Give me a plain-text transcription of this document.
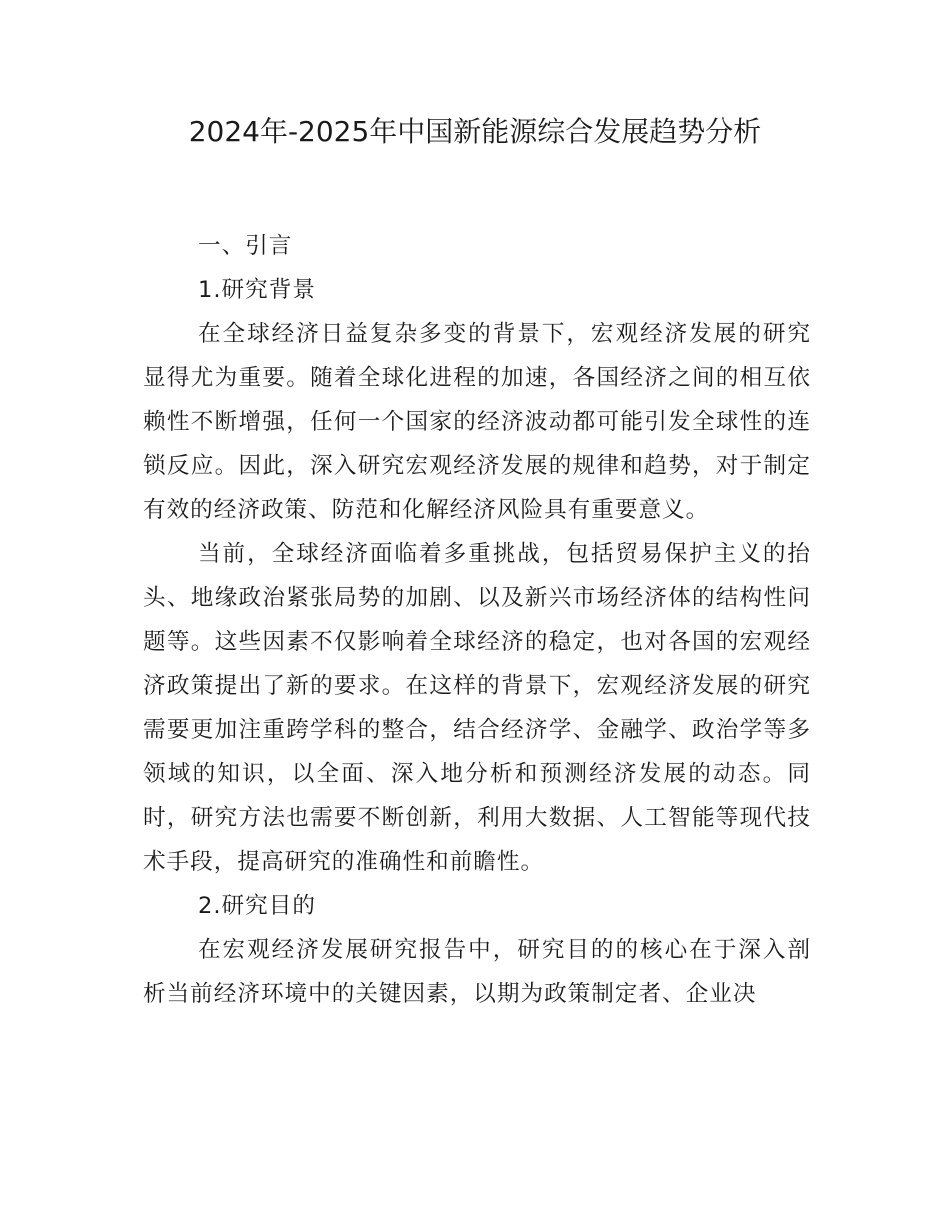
2024年-2025年中国新能源综合发展趋势分析

一、引言

1.研究背景

在全球经济日益复杂多变的背景下，宏观经济发展的研究显得尤为重要。随着全球化进程的加速，各国经济之间的相互依赖性不断增强，任何一个国家的经济波动都可能引发全球性的连锁反应。因此，深入研究宏观经济发展的规律和趋势，对于制定有效的经济政策、防范和化解经济风险具有重要意义。

当前，全球经济面临着多重挑战，包括贸易保护主义的抬头、地缘政治紧张局势的加剧、以及新兴市场经济体的结构性问题等。这些因素不仅影响着全球经济的稳定，也对各国的宏观经济政策提出了新的要求。在这样的背景下，宏观经济发展的研究需要更加注重跨学科的整合，结合经济学、金融学、政治学等多领域的知识，以全面、深入地分析和预测经济发展的动态。同时，研究方法也需要不断创新，利用大数据、人工智能等现代技术手段，提高研究的准确性和前瞻性。

2.研究目的

在宏观经济发展研究报告中，研究目的的核心在于深入剖析当前经济环境中的关键因素，以期为政策制定者、企业决
